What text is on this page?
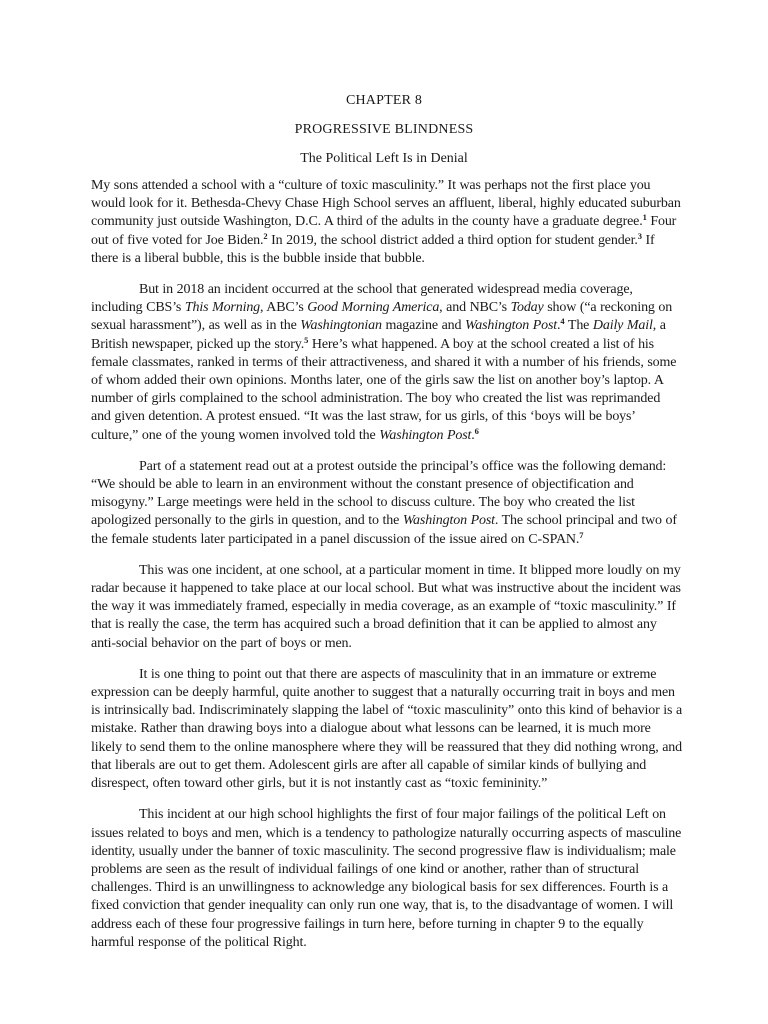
CHAPTER 8
PROGRESSIVE BLINDNESS
The Political Left Is in Denial

My sons attended a school with a “culture of toxic masculinity.” It was perhaps not the first place you would look for it. Bethesda-Chevy Chase High School serves an affluent, liberal, highly educated suburban community just outside Washington, D.C. A third of the adults in the county have a graduate degree.$^1$ Four out of five voted for Joe Biden.$^2$ In 2019, the school district added a third option for student gender.$^3$ If there is a liberal bubble, this is the bubble inside that bubble.

But in 2018 an incident occurred at the school that generated widespread media coverage, including CBS’s This Morning, ABC’s Good Morning America, and NBC’s Today show (“a reckoning on sexual harassment”), as well as in the Washingtonian magazine and Washington Post.$^4$ The Daily Mail, a British newspaper, picked up the story.$^5$ Here’s what happened. A boy at the school created a list of his female classmates, ranked in terms of their attractiveness, and shared it with a number of his friends, some of whom added their own opinions. Months later, one of the girls saw the list on another boy’s laptop. A number of girls complained to the school administration. The boy who created the list was reprimanded and given detention. A protest ensued. “It was the last straw, for us girls, of this ‘boys will be boys’ culture,” one of the young women involved told the Washington Post.$^6$

Part of a statement read out at a protest outside the principal’s office was the following demand: “We should be able to learn in an environment without the constant presence of objectification and misogyny.” Large meetings were held in the school to discuss culture. The boy who created the list apologized personally to the girls in question, and to the Washington Post. The school principal and two of the female students later participated in a panel discussion of the issue aired on C-SPAN.$^7$

This was one incident, at one school, at a particular moment in time. It blipped more loudly on my radar because it happened to take place at our local school. But what was instructive about the incident was the way it was immediately framed, especially in media coverage, as an example of “toxic masculinity.” If that is really the case, the term has acquired such a broad definition that it can be applied to almost any anti-social behavior on the part of boys or men.

It is one thing to point out that there are aspects of masculinity that in an immature or extreme expression can be deeply harmful, quite another to suggest that a naturally occurring trait in boys and men is intrinsically bad. Indiscriminately slapping the label of “toxic masculinity” onto this kind of behavior is a mistake. Rather than drawing boys into a dialogue about what lessons can be learned, it is much more likely to send them to the online manosphere where they will be reassured that they did nothing wrong, and that liberals are out to get them. Adolescent girls are after all capable of similar kinds of bullying and disrespect, often toward other girls, but it is not instantly cast as “toxic femininity.”

This incident at our high school highlights the first of four major failings of the political Left on issues related to boys and men, which is a tendency to pathologize naturally occurring aspects of masculine identity, usually under the banner of toxic masculinity. The second progressive flaw is individualism; male problems are seen as the result of individual failings of one kind or another, rather than of structural challenges. Third is an unwillingness to acknowledge any biological basis for sex differences. Fourth is a fixed conviction that gender inequality can only run one way, that is, to the disadvantage of women. I will address each of these four progressive failings in turn here, before turning in chapter 9 to the equally harmful response of the political Right.
